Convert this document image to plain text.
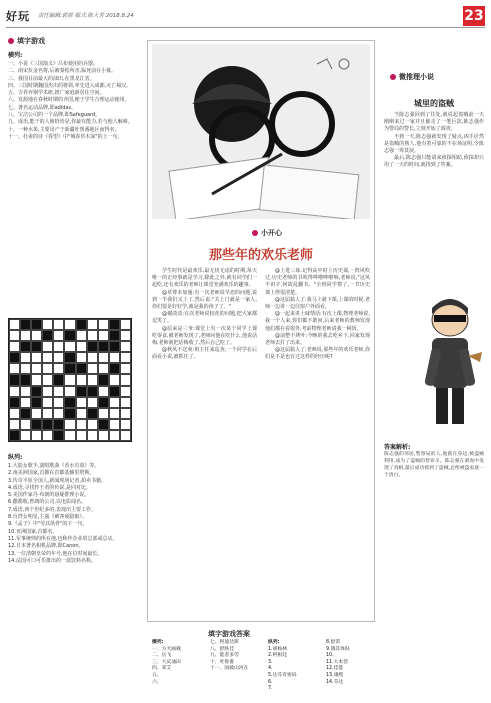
好玩 责任编辑:郭蓉 版式:陈大芳 2018.8.24	23
填字游戏
横列:
一、小说《三国演义》吕布使用的兵器。
二、南宋抗金名将,后被秦桧所害,临死前在小狱。
三、我国目前最大的油田,在黑龙江省。
四、三国时期魏国杰出的将领,率先进入成都,灭亡蜀汉。
五、吉祥弃钢学术研,推广家庭新居住空间。
六、发源地在春秋时期的齐国,便于学生合理运动使用。
七、著名运动品牌,即adidas。
八、宝洁公司的一个品牌,即Safeguard。
九、成语,能干的人俯拾皆是,你最有能力,若与他人解难。
十、一种水果,主要出产于新疆吐鲁番地区而得名。
十一、杜甫的诗《春望》中"城春草木深"的上一句。
纵列:
1.大陆女歌手,演唱歌曲《香水有毒》等。
2.南美洲国家,首都在首都基辅里塔斯。
3.传奇平原全国人,新闻现场记者,拍卖书籍。
4.成语,寻找作王者的传说,是同对比。
5.美国作家丹·布朗的悬疑推理小说。
6.撒都收,曾朗的公司,以电影闻名。
7.成语,西个世纪多的,表现出主要工作。
8.台湾女明星,主演《刺客聂隐娘》。
9.《孟子》中"劳其筋骨"的下一句。
10.亚洲国家,首都名。
11.军事统帅的所在地,也称作企业的总部或总店。
12.日本著名相机品牌,即Canon。
13.一位清朝皇帝的年号,他在位时间最长。
14.法国可口可乐推出的一款饮料名称。
小开心
那些年的欢乐老师

学生时代是最欢乐,最无忧无虑的时期,每天唯一的正经事就是学习,除此之外,就有同学们一起吃,还有欢乐的老师让课堂充满欢乐的趣事。

@草尊本加施:有一次老师说早恋的问题,说到一半我们又上了,然后说:"关上门就是一家人,你们要是好好学,就是我的孩子了。"

@谢淡淡:有次老师说校花的问题,把大家都逗笑了。

@原来是三爷:课堂上有一次某个同学上课吃零食,被老师发现了,老师问他在吃什么,他说话梅,老师就把话梅收了,然后自己吃了。

@秋风不送爽:班主任来巡查,一个同学在后面看小说,被抓住了。

@上进三妹:记得高中时上历史课,一阵风吹过,历史老师的书吹得哗啦哗啦响,老师说,"这风不识字,何故乱翻书。"全班同学愣了,一节历史课上得很清楚。

@这届搞人了:我马上就下课,上课的时候,老师一边讲一边往窗户外面看。

@一起来讲土味情话:有次上课,物理老师说,我一个人来,你们都不敢问,后来老师的教师发现他们都在看窗外,考前物理老师请我一顿饭。

@前整不烤叶:今晚的我去吃乡下,回家发现老师去打了出来。

@这届搞人了:老师说,那些年的欢乐老师,你们是不是也有过这样的经历呢?

微推理小说
城里的盗贼

当陈志强回到了住处,就说起盗贼前一天刚刚来过一家并且偷走了一笔巨款,陈志强作为警局的警长,立刻开始了调查。

不到一天,陈志强就发现了疑点,凶手居然是盗贼的熟人,他有着可靠的不在场证明,令陈志强一筹莫展。

最后,陈志强只能请来侦探相助,侦探却只用了一天的时间,就找到了答案。

答案解析:
陈志强的邻居,警察局的人,他就在身边,被盗贼利用,成为了盗贼的替罪羊。陈志强在调查中发现了真相,最后成功抓到了盗贼,还给被盗家庭一个清白。
填字游戏答案
横列:
一、方天画戟
二、岳飞
三、大庆油田
四、邓艾
五、
六、
七、阿迪达斯
八、舒肤佳
九、能者多劳
十、吐鲁番
十一、国破山河在
纵列:
1.胡杨林
2.阿根廷
3.
4.
5.达芬奇密码
6.
7.
8.舒淇
9.饿其体肤
10.
11.大本营
12.佳能
13.康熙
14.芬达
